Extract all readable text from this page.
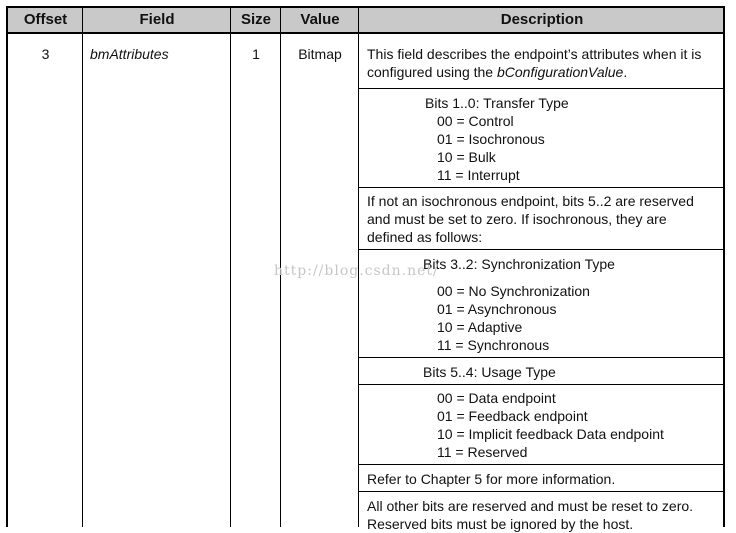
Offset	Field	Size	Value	Description
3	bmAttributes	1	Bitmap	This field describes the endpoint’s attributes when it is
configured using the bConfigurationValue.
Bits 1..0: Transfer Type
00 = Control
01 = Isochronous
10 = Bulk
11 = Interrupt
If not an isochronous endpoint, bits 5..2 are reserved
and must be set to zero. If isochronous, they are
defined as follows:
Bits 3..2: Synchronization Type
00 = No Synchronization
01 = Asynchronous
10 = Adaptive
11 = Synchronous
Bits 5..4: Usage Type
00 = Data endpoint
01 = Feedback endpoint
10 = Implicit feedback Data endpoint
11 = Reserved
Refer to Chapter 5 for more information.
All other bits are reserved and must be reset to zero.
Reserved bits must be ignored by the host.
http://blog.csdn.net/
